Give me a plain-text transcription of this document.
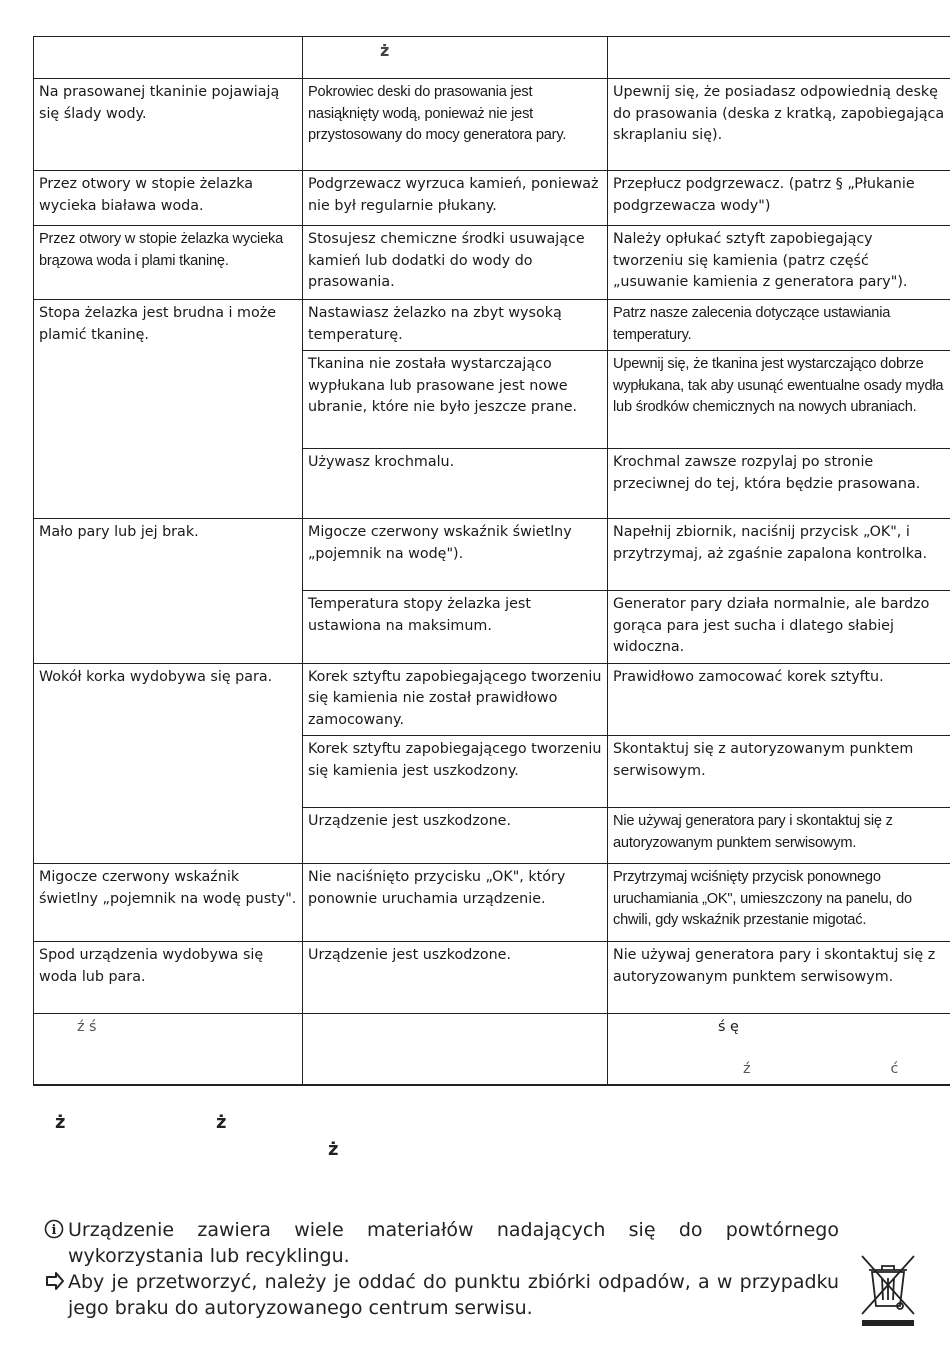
	ż	
Na prasowanej tkaninie pojawiają się ślady wody.	Pokrowiec deski do prasowania jest nasiąknięty wodą, ponieważ nie jest przystosowany do mocy generatora pary.	Upewnij się, że posiadasz odpowiednią deskę do prasowania (deska z kratką, zapobiegająca skraplaniu się).
Przez otwory w stopie żelazka wycieka biaława woda.	Podgrzewacz wyrzuca kamień, ponieważ nie był regularnie płukany.	Przepłucz podgrzewacz. (patrz § „Płukanie podgrzewacza wody")
Przez otwory w stopie żelazka wycieka brązowa woda i plami tkaninę.	Stosujesz chemiczne środki usuwające kamień lub dodatki do wody do prasowania.	Należy opłukać sztyft zapobiegający tworzeniu się kamienia (patrz część „usuwanie kamienia z generatora pary").
Stopa żelazka jest brudna i może plamić tkaninę.	Nastawiasz żelazko na zbyt wysoką temperaturę.	Patrz nasze zalecenia dotyczące ustawiania temperatury.
	Tkanina nie została wystarczająco wypłukana lub prasowane jest nowe ubranie, które nie było jeszcze prane.	Upewnij się, że tkanina jest wystarczająco dobrze wypłukana, tak aby usunąć ewentualne osady mydła lub środków chemicznych na nowych ubraniach.
	Używasz krochmalu.	Krochmal zawsze rozpylaj po stronie przeciwnej do tej, która będzie prasowana.
Mało pary lub jej brak.	Migocze czerwony wskaźnik świetlny „pojemnik na wodę").	Napełnij zbiornik, naciśnij przycisk „OK", i przytrzymaj, aż zgaśnie zapalona kontrolka.
	Temperatura stopy żelazka jest ustawiona na maksimum.	Generator pary działa normalnie, ale bardzo gorąca para jest sucha i dlatego słabiej widoczna.
Wokół korka wydobywa się para.	Korek sztyftu zapobiegającego tworzeniu się kamienia nie został prawidłowo zamocowany.	Prawidłowo zamocować korek sztyftu.
	Korek sztyftu zapobiegającego tworzeniu się kamienia jest uszkodzony.	Skontaktuj się z autoryzowanym punktem serwisowym.
	Urządzenie jest uszkodzone.	Nie używaj generatora pary i skontaktuj się z autoryzowanym punktem serwisowym.
Migocze czerwony wskaźnik świetlny „pojemnik na wodę pusty".	Nie naciśnięto przycisku „OK", który ponownie uruchamia urządzenie.	Przytrzymaj wciśnięty przycisk ponownego uruchamiania „OK", umieszczony na panelu, do chwili, gdy wskaźnik przestanie migotać.
Spod urządzenia wydobywa się woda lub para.	Urządzenie jest uszkodzone.	Nie używaj generatora pary i skontaktuj się z autoryzowanym punktem serwisowym.
ź ś		ś ę
ź ć
ż	ż
ż
i Urządzenie zawiera wiele materiałów nadających się do powtórnego wykorzystania lub recyklingu.
Aby je przetworzyć, należy je oddać do punktu zbiórki odpadów, a w przypadku jego braku do autoryzowanego centrum serwisu.
